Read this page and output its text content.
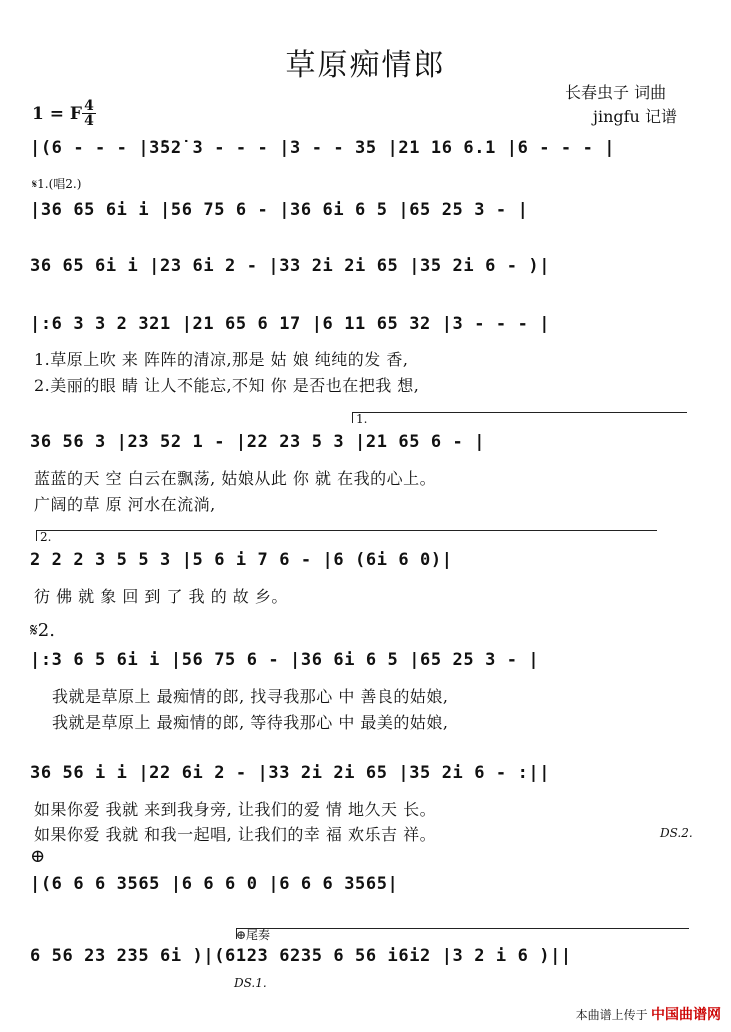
草原痴情郎
长春虫子 词曲
jingfu 记谱
1 = F 4
4
|(6 - - - |3̇52̇ 3 - - - |3 - - 35 |21 16 6.1 |6 - - - |
𝄋1.(唱2.)
|36 65 6i i |56 75 6 - |36 6i 6 5 |65 25 3 - |
36 65 6i i |23 6i 2 - |33 2i 2i 65 |35 2i 6 - )|
|:6 3 3 2 321 |21 65 6 17 |6 11 65 32 |3 - - - |
1.草原上吹 来 阵阵的清凉,那是 姑 娘 纯纯的发 香,
2.美丽的眼 睛 让人不能忘,不知 你 是否也在把我 想,
1.
36 56 3 |23 52 1 - |22 23 5 3 |21 65 6 - |
蓝蓝的天 空 白云在飘荡, 姑娘从此 你 就 在我的心上。
广阔的草 原 河水在流淌,
2.
2 2 2 3 5 5 3 |5 6 i 7 6 - |6 (6i 6 0)|
彷 佛 就 象 回 到 了 我 的 故 乡。
𝄋2.
|:3 6 5 6i i |56 75 6 - |36 6i 6 5 |65 25 3 - |
我就是草原上 最痴情的郎, 找寻我那心 中 善良的姑娘,
我就是草原上 最痴情的郎, 等待我那心 中 最美的姑娘,
36 56 i i |22 6i 2 - |33 2i 2i 65 |35 2i 6 - :||
如果你爱 我就 来到我身旁, 让我们的爱 情 地久天 长。
如果你爱 我就 和我一起唱, 让我们的幸 福 欢乐吉 祥。	DS.2.
⊕
|(6 6 6 3565 |6 6 6 0 |6 6 6 3565|
⊕尾奏
6 56 23 235 6i )|(6123 6235 6 56 i6i2 |3 2 i 6 )||
DS.1.
本曲谱上传于 中国曲谱网
